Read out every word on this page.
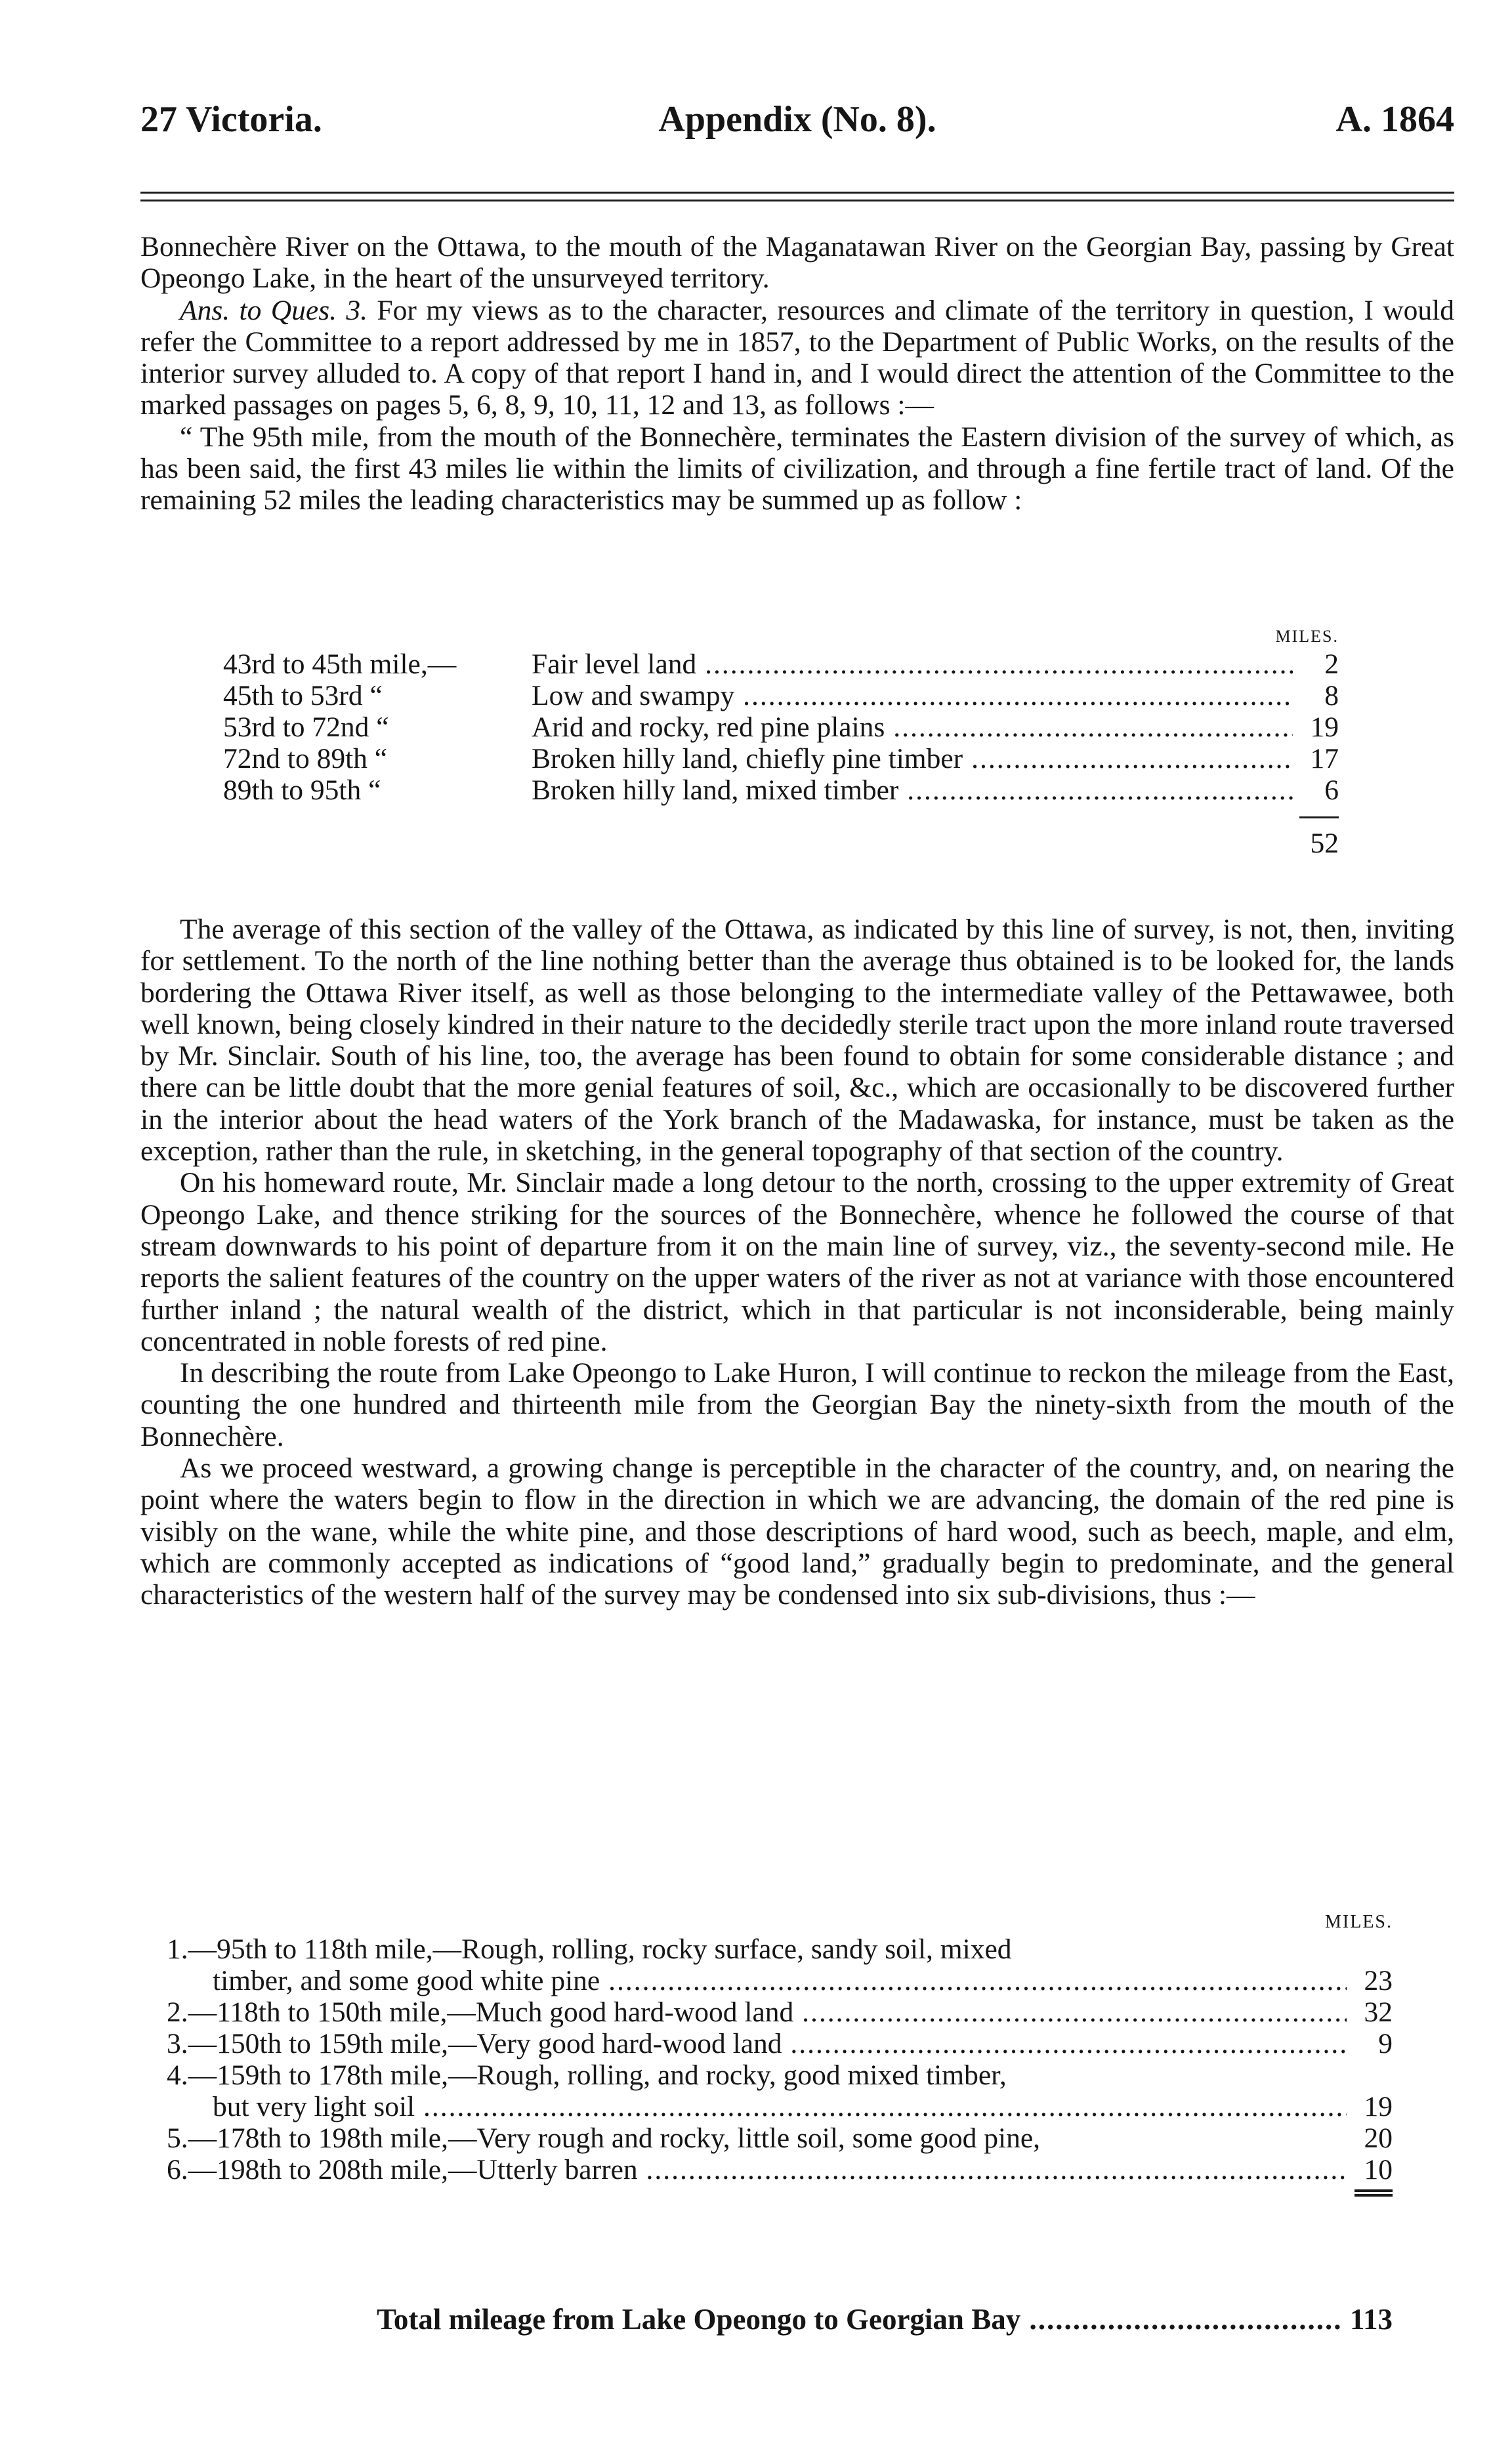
Appendix (No. 8).
27 Victoria.	A. 1864

Bonnechère River on the Ottawa, to the mouth of the Maganatawan River on the Georgian Bay, passing by Great Opeongo Lake, in the heart of the unsurveyed territory.

Ans. to Ques. 3. For my views as to the character, resources and climate of the territory in question, I would refer the Committee to a report addressed by me in 1857, to the Department of Public Works, on the results of the interior survey alluded to. A copy of that report I hand in, and I would direct the attention of the Committee to the marked passages on pages 5, 6, 8, 9, 10, 11, 12 and 13, as follows :—

“ The 95th mile, from the mouth of the Bonnechère, terminates the Eastern division of the survey of which, as has been said, the first 43 miles lie within the limits of civilization, and through a fine fertile tract of land. Of the remaining 52 miles the leading characteristics may be summed up as follow :

MILES.
43rd to 45th mile,—	Fair level land .....	2
45th to 53rd “	Low and swampy .....	8
53rd to 72nd “	Arid and rocky, red pine plains .....	19
72nd to 89th “	Broken hilly land, chiefly pine timber .....	17
89th to 95th “	Broken hilly land, mixed timber .....	6
52

The average of this section of the valley of the Ottawa, as indicated by this line of survey, is not, then, inviting for settlement. To the north of the line nothing better than the average thus obtained is to be looked for, the lands bordering the Ottawa River itself, as well as those belonging to the intermediate valley of the Pettawawee, both well known, being closely kindred in their nature to the decidedly sterile tract upon the more inland route traversed by Mr. Sinclair. South of his line, too, the average has been found to obtain for some considerable distance ; and there can be little doubt that the more genial features of soil, &c., which are occasionally to be discovered further in the interior about the head waters of the York branch of the Madawaska, for instance, must be taken as the exception, rather than the rule, in sketching, in the general topography of that section of the country.

On his homeward route, Mr. Sinclair made a long detour to the north, crossing to the upper extremity of Great Opeongo Lake, and thence striking for the sources of the Bonnechère, whence he followed the course of that stream downwards to his point of departure from it on the main line of survey, viz., the seventy-second mile. He reports the salient features of the country on the upper waters of the river as not at variance with those encountered further inland ; the natural wealth of the district, which in that particular is not inconsiderable, being mainly concentrated in noble forests of red pine.

In describing the route from Lake Opeongo to Lake Huron, I will continue to reckon the mileage from the East, counting the one hundred and thirteenth mile from the Georgian Bay the ninety-sixth from the mouth of the Bonnechère.

As we proceed westward, a growing change is perceptible in the character of the country, and, on nearing the point where the waters begin to flow in the direction in which we are advancing, the domain of the red pine is visibly on the wane, while the white pine, and those descriptions of hard wood, such as beech, maple, and elm, which are commonly accepted as indications of “good land,” gradually begin to predominate, and the general characteristics of the western half of the survey may be condensed into six sub-divisions, thus :—

MILES.
1.—95th to 118th mile,—Rough, rolling, rocky surface, sandy soil, mixed
timber, and some good white pine .....	23
2.—118th to 150th mile,—Much good hard-wood land .....	32
3.—150th to 159th mile,—Very good hard-wood land .....	9
4.—159th to 178th mile,—Rough, rolling, and rocky, good mixed timber,
but very light soil .....	19
5.—178th to 198th mile,—Very rough and rocky, little soil, some good pine,	20
6.—198th to 208th mile,—Utterly barren .....	10
Total mileage from Lake Opeongo to Georgian Bay .....	113
